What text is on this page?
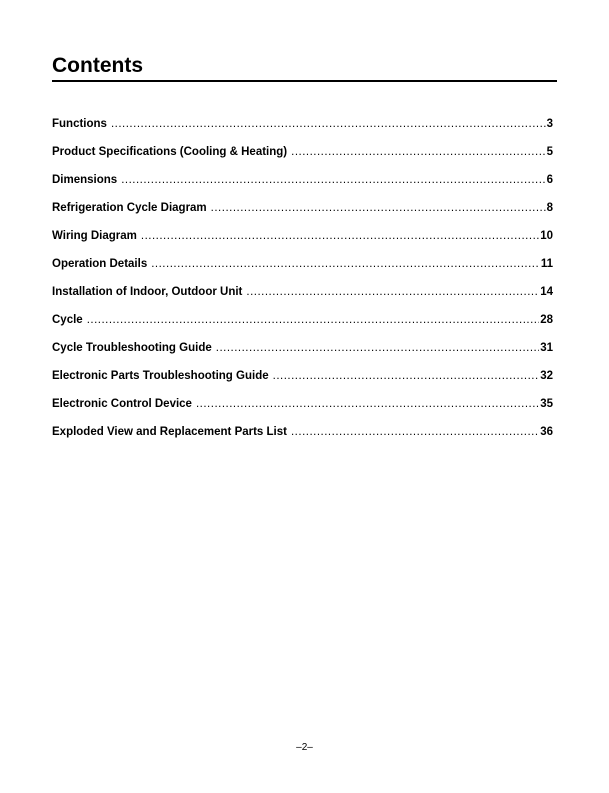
Contents
Functions .....	3
Product Specifications (Cooling & Heating) .....	5
Dimensions .....	6
Refrigeration Cycle Diagram .....	8
Wiring Diagram .....	10
Operation Details .....	11
Installation of Indoor, Outdoor Unit .....	14
Cycle .....	28
Cycle Troubleshooting Guide .....	31
Electronic Parts Troubleshooting Guide .....	32
Electronic Control Device .....	35
Exploded View and Replacement Parts List .....	36
–2–
